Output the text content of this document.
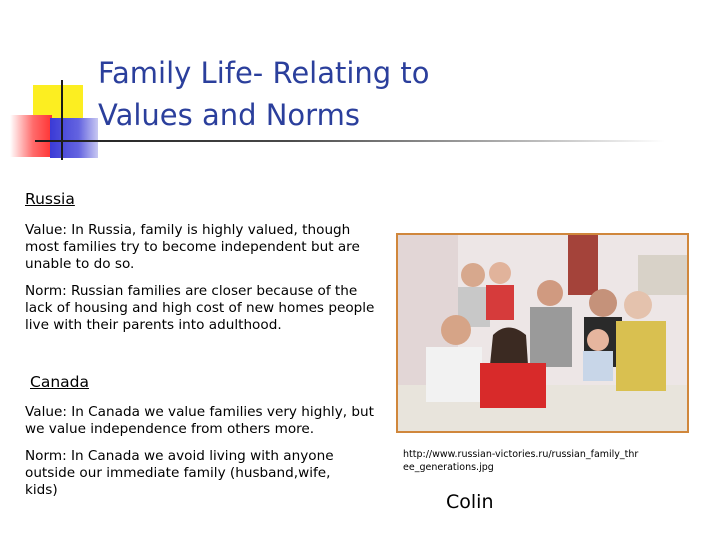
Family Life- Relating to
Values and Norms
Russia

Value: In Russia, family is highly valued, though most families try to become independent but are unable to do so.

Norm: Russian families are closer because of the lack of housing and high cost of new homes people live with their parents into adulthood.

Canada

Value: In Canada we value families very highly, but we value independence from others more.

Norm: In Canada we avoid living with anyone outside our immediate family (husband,wife, kids)

http://www.russian-victories.ru/russian_family_three_generations.jpg

Colin
